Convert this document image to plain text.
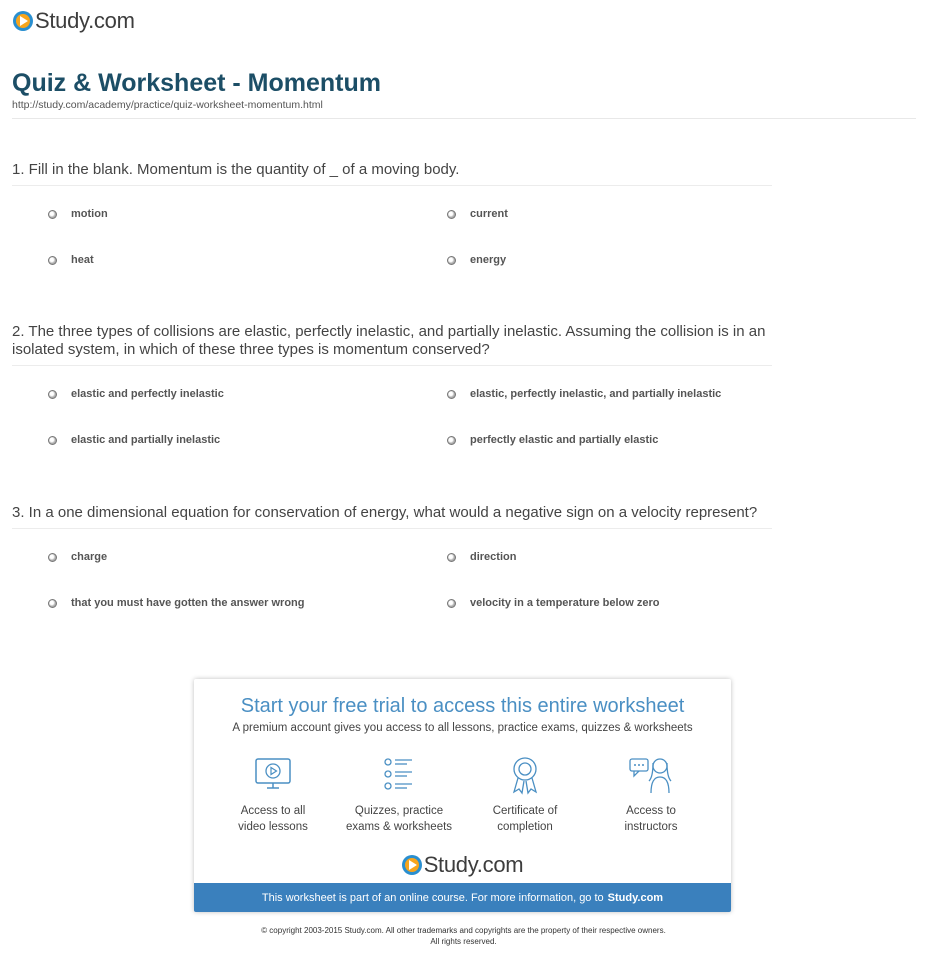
Study.com
Quiz & Worksheet - Momentum
http://study.com/academy/practice/quiz-worksheet-momentum.html
1. Fill in the blank. Momentum is the quantity of _ of a moving body.
motion	current
heat	energy
2. The three types of collisions are elastic, perfectly inelastic, and partially inelastic. Assuming the collision is in an isolated system, in which of these three types is momentum conserved?
elastic and perfectly inelastic	elastic, perfectly inelastic, and partially inelastic
elastic and partially inelastic	perfectly elastic and partially elastic
3. In a one dimensional equation for conservation of energy, what would a negative sign on a velocity represent?
charge	direction
that you must have gotten the answer wrong	velocity in a temperature below zero
Start your free trial to access this entire worksheet
A premium account gives you access to all lessons, practice exams, quizzes & worksheets
Access to all
video lessons
Quizzes, practice
exams & worksheets
Certificate of
completion
Access to
instructors
Study.com
This worksheet is part of an online course. For more information, go to Study.com
© copyright 2003-2015 Study.com. All other trademarks and copyrights are the property of their respective owners.
All rights reserved.
